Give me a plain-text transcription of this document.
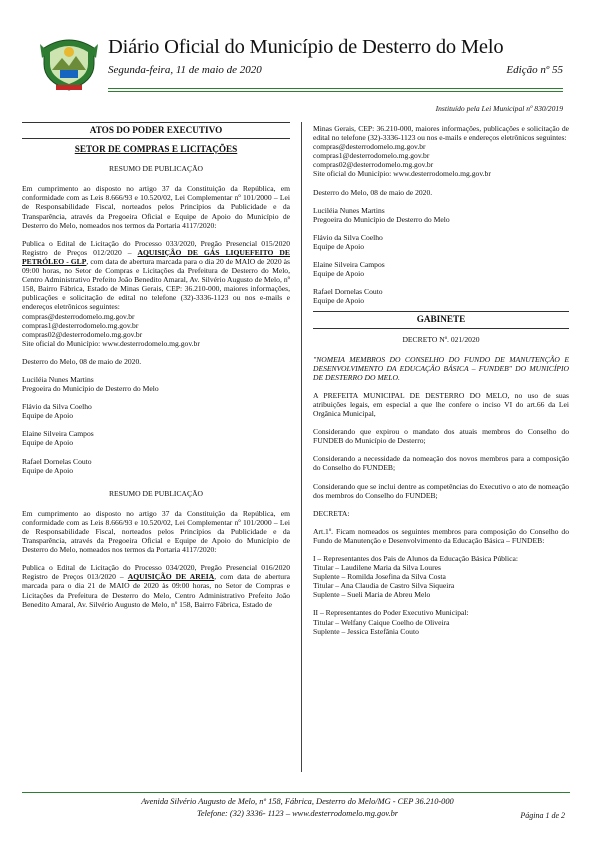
Diário Oficial do Município de Desterro do Melo
Segunda-feira, 11 de maio de 2020	Edição nº 55
Instituído pela Lei Municipal nº 830/2019
ATOS DO PODER EXECUTIVO
SETOR DE COMPRAS E LICITAÇÕES

RESUMO DE PUBLICAÇÃO

Em cumprimento ao disposto no artigo 37 da Constituição da República, em conformidade com as Leis 8.666/93 e 10.520/02, Lei Complementar nº 101/2000 – Lei de Responsabilidade Fiscal, norteados pelos Princípios da Publicidade e da Transparência, através da Pregoeira Oficial e Equipe de Apoio do Município de Desterro do Melo, nomeados nos termos da Portaria 4117/2020:

Publica o Edital de Licitação do Processo 033/2020, Pregão Presencial 015/2020 Registro de Preços 012/2020 – AQUISIÇÃO DE GÁS LIQUEFEITO DE PETRÓLEO - GLP, com data de abertura marcada para o dia 20 de MAIO de 2020 às 09:00 horas, no Setor de Compras e Licitações da Prefeitura de Desterro do Melo, Centro Administrativo Prefeito João Benedito Amaral, Av. Silvério Augusto de Melo, nº 158, Bairro Fábrica, Estado de Minas Gerais, CEP: 36.210-000, maiores informações, publicações e solicitação de edital no telefone (32)-3336-1123 ou nos e-mails e endereços eletrônicos seguintes:
compras@desterrodomelo.mg.gov.br
compras1@desterrodomelo.mg.gov.br
compras02@desterrodomelo.mg.gov.br
Site oficial do Município: www.desterrodomelo.mg.gov.br

Desterro do Melo, 08 de maio de 2020.

Luciléia Nunes Martins
Pregoeira do Município de Desterro do Melo
Flávio da Silva Coelho
Equipe de Apoio
Elaine Silveira Campos
Equipe de Apoio
Rafael Dornelas Couto
Equipe de Apoio

RESUMO DE PUBLICAÇÃO

Em cumprimento ao disposto no artigo 37 da Constituição da República, em conformidade com as Leis 8.666/93 e 10.520/02, Lei Complementar nº 101/2000 – Lei de Responsabilidade Fiscal, norteados pelos Princípios da Publicidade e da Transparência, através da Pregoeira Oficial e Equipe de Apoio do Município de Desterro do Melo, nomeados nos termos da Portaria 4117/2020:

Publica o Edital de Licitação do Processo 034/2020, Pregão Presencial 016/2020 Registro de Preços 013/2020 – AQUISIÇÃO DE AREIA, com data de abertura marcada para o dia 21 de MAIO de 2020 às 09:00 horas, no Setor de Compras e Licitações da Prefeitura de Desterro do Melo, Centro Administrativo Prefeito João Benedito Amaral, Av. Silvério Augusto de Melo, nº 158, Bairro Fábrica, Estado de

Minas Gerais, CEP: 36.210-000, maiores informações, publicações e solicitação de edital no telefone (32)-3336-1123 ou nos e-mails e endereços eletrônicos seguintes:
compras@desterrodomelo.mg.gov.br
compras1@desterrodomelo.mg.gov.br
compras02@desterrodomelo.mg.gov.br
Site oficial do Município: www.desterrodomelo.mg.gov.br

Desterro do Melo, 08 de maio de 2020.

Luciléia Nunes Martins
Pregoeira do Município de Desterro do Melo
Flávio da Silva Coelho
Equipe de Apoio
Elaine Silveira Campos
Equipe de Apoio
Rafael Dornelas Couto
Equipe de Apoio
GABINETE

DECRETO Nº. 021/2020

"NOMEIA MEMBROS DO CONSELHO DO FUNDO DE MANUTENÇÃO E DESENVOLVIMENTO DA EDUCAÇÃO BÁSICA – FUNDEB" DO MUNICÍPIO DE DESTERRO DO MELO.

A PREFEITA MUNICIPAL DE DESTERRO DO MELO, no uso de suas atribuições legais, em especial a que lhe confere o inciso VI do art.66 da Lei Orgânica Municipal,

Considerando que expirou o mandato dos atuais membros do Conselho do FUNDEB do Município de Desterro;

Considerando a necessidade da nomeação dos novos membros para a composição do Conselho do FUNDEB;

Considerando que se inclui dentre as competências do Executivo o ato de nomeação dos membros do Conselho do FUNDEB;

DECRETA:

Art.1º. Ficam nomeados os seguintes membros para composição do Conselho do Fundo de Manutenção e Desenvolvimento da Educação Básica – FUNDEB:

I – Representantes dos Pais de Alunos da Educação Básica Pública:
Titular – Laudilene Maria da Silva Loures
Suplente – Romilda Josefina da Silva Costa
Titular – Ana Claudia de Castro Silva Siqueira
Suplente – Sueli Maria de Abreu Melo

II – Representantes do Poder Executivo Municipal:
Titular – Welfany Caique Coelho de Oliveira
Suplente – Jessica Estefânia Couto

Avenida Silvério Augusto de Melo, nº 158, Fábrica, Desterro do Melo/MG - CEP 36.210-000
Telefone: (32) 3336- 1123 – www.desterrodomelo.mg.gov.br	Página 1 de 2
